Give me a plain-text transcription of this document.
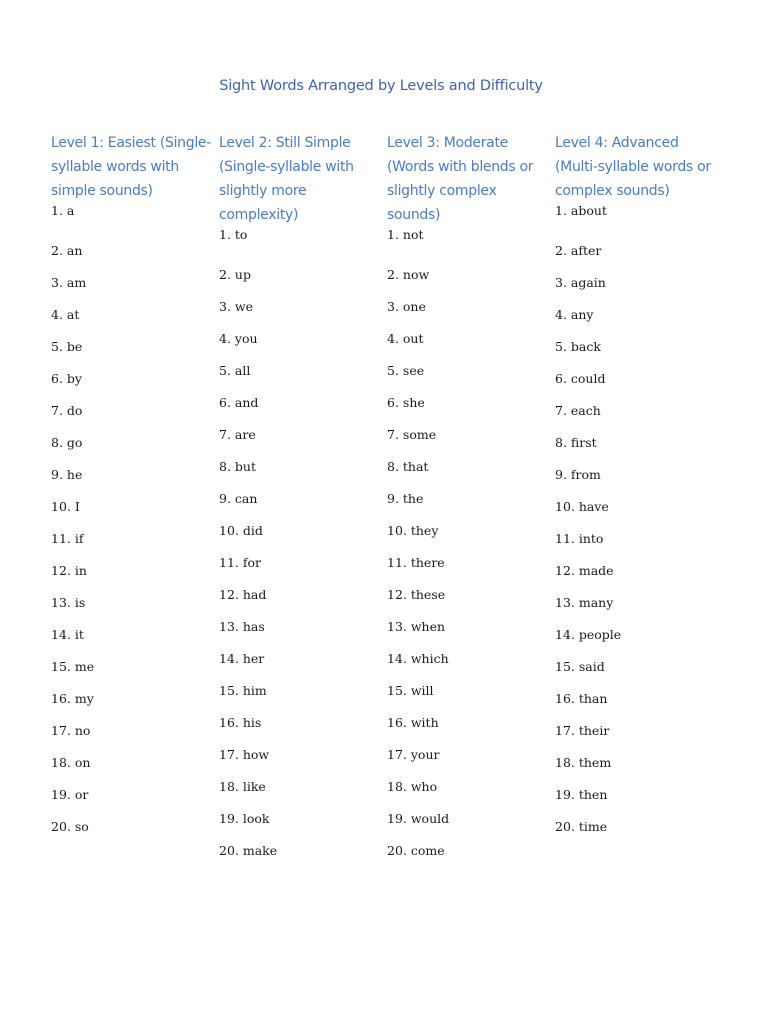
Sight Words Arranged by Levels and Difficulty

Level 1: Easiest (Single-syllable words with simple sounds)

1. a
2. an
3. am
4. at
5. be
6. by
7. do
8. go
9. he
10. I
11. if
12. in
13. is
14. it
15. me
16. my
17. no
18. on
19. or
20. so

Level 2: Still Simple (Single-syllable with slightly more complexity)

1. to
2. up
3. we
4. you
5. all
6. and
7. are
8. but
9. can
10. did
11. for
12. had
13. has
14. her
15. him
16. his
17. how
18. like
19. look
20. make

Level 3: Moderate (Words with blends or slightly complex sounds)

1. not
2. now
3. one
4. out
5. see
6. she
7. some
8. that
9. the
10. they
11. there
12. these
13. when
14. which
15. will
16. with
17. your
18. who
19. would
20. come

Level 4: Advanced (Multi-syllable words or complex sounds)

1. about
2. after
3. again
4. any
5. back
6. could
7. each
8. first
9. from
10. have
11. into
12. made
13. many
14. people
15. said
16. than
17. their
18. them
19. then
20. time
